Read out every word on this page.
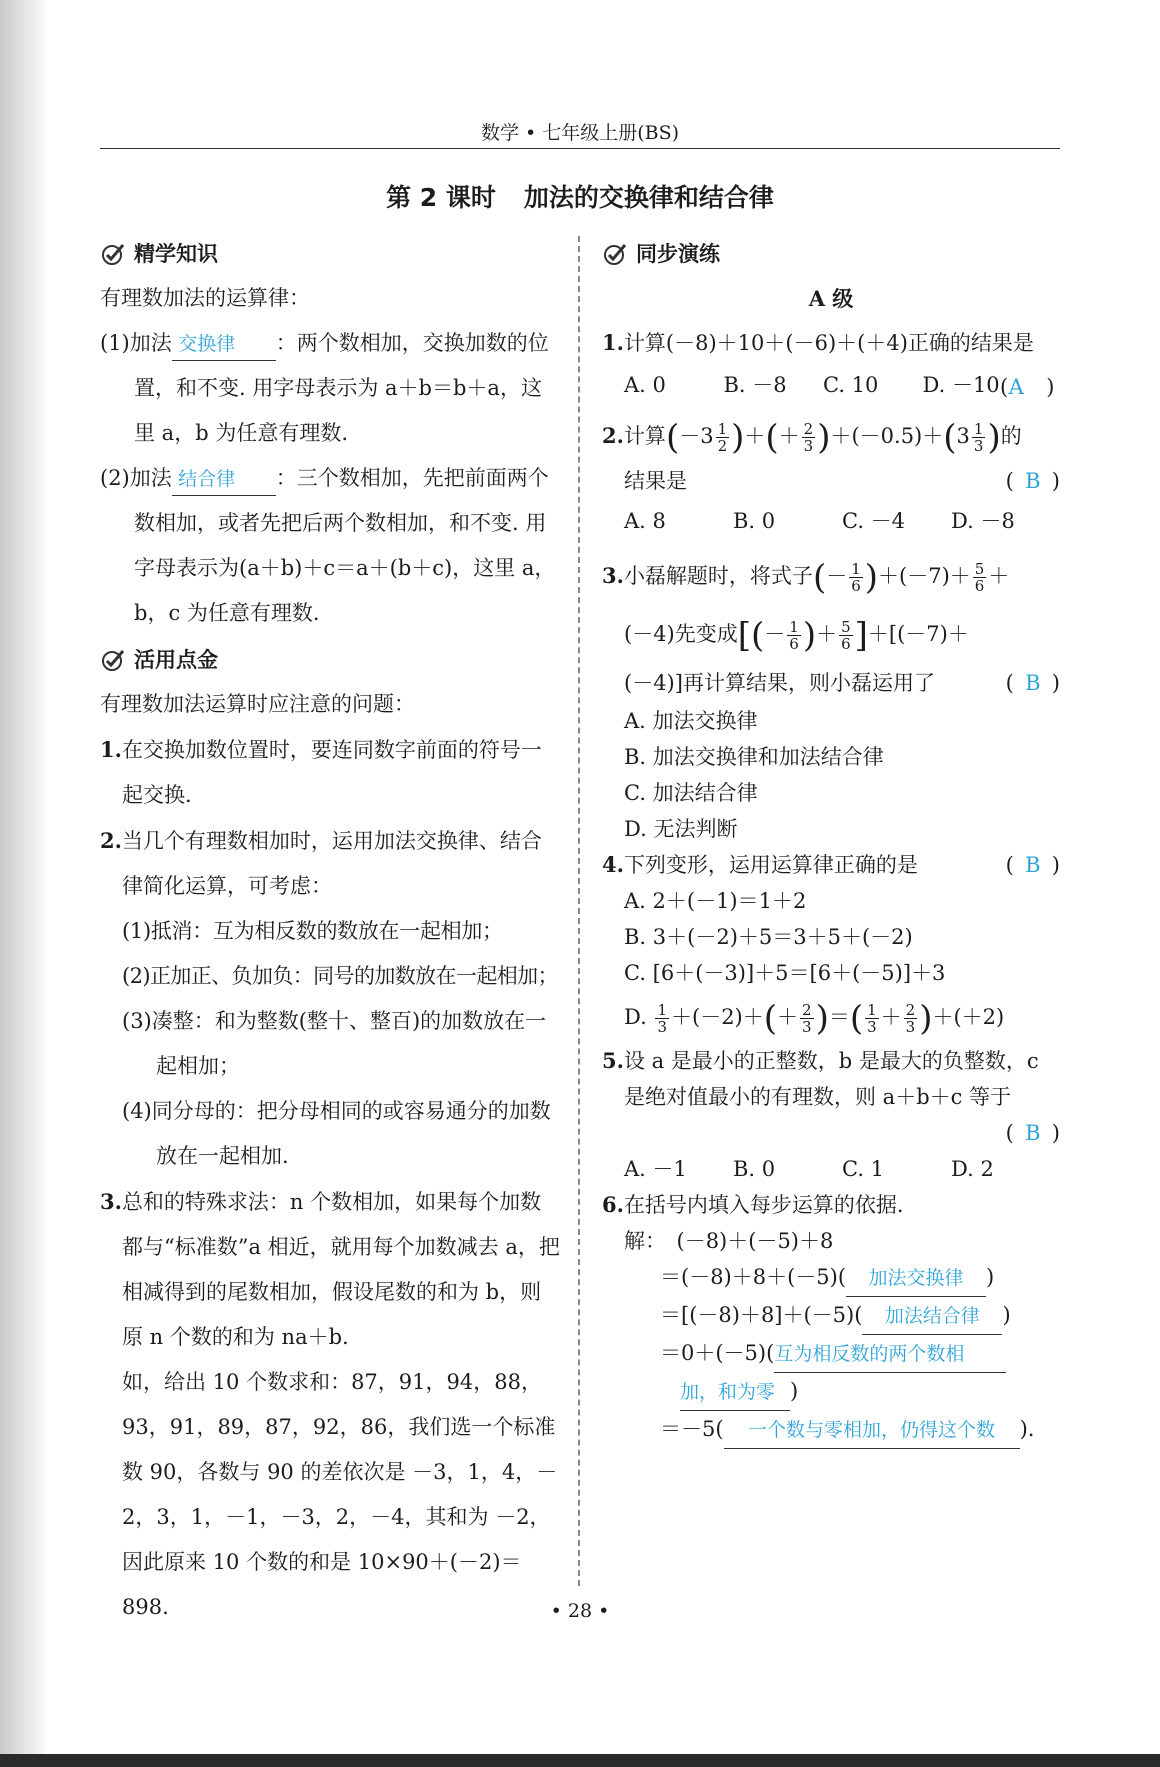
数学 • 七年级上册(BS)
第 2 课时 加法的交换律和结合律
精学知识

有理数加法的运算律：

(1)加法 交换律 ：两个数相加，交换加数的位置，和不变. 用字母表示为 a＋b＝b＋a，这里 a，b 为任意有理数.

(2)加法 结合律 ：三个数相加，先把前面两个数相加，或者先把后两个数相加，和不变. 用字母表示为(a＋b)＋c＝a＋(b＋c)，这里 a，b，c 为任意有理数.

活用点金

有理数加法运算时应注意的问题：

1.在交换加数位置时，要连同数字前面的符号一起交换.

2.当几个有理数相加时，运用加法交换律、结合律简化运算，可考虑：

(1)抵消：互为相反数的数放在一起相加；

(2)正加正、负加负：同号的加数放在一起相加；

(3)凑整：和为整数(整十、整百)的加数放在一起相加；

(4)同分母的：把分母相同的或容易通分的加数放在一起相加.

3.总和的特殊求法：n 个数相加，如果每个加数都与“标准数”a 相近，就用每个加数减去 a，把相减得到的尾数相加，假设尾数的和为 b，则原 n 个数的和为 na＋b.

如，给出 10 个数求和：87，91，94，88，93，91，89，87，92，86，我们选一个标准数 90，各数与 90 的差依次是 －3，1，4，－2，3，1，－1，－3，2，－4，其和为 －2，因此原来 10 个数的和是 10×90＋(－2)＝898.

同步演练

A 级

1.计算(－8)＋10＋(－6)＋(＋4)正确的结果是
(A )

A. 0	B. －8	C. 10	D. －10

2.计算($-3 \frac{1}{2}$ )＋(＋ $\frac{2}{3} )+(-0.5)+(3 \frac{1}{3}$ )的

结果是	( B )

A. 8	B. 0	C. －4	D. －8

3.小磊解题时，将式子(－ $\frac{1}{6} )+(-7)+ \frac{5}{6}$ ＋

(－4)先变成[(－ $\frac{1}{6}$ )＋ $\frac{5}{6} ]+[(-7)+$

(－4)]再计算结果，则小磊运用了	( B )

A. 加法交换律

B. 加法交换律和加法结合律

C. 加法结合律

D. 无法判断

4.下列变形，运用运算律正确的是	( B )

A. 2＋(－1)＝1＋2

B. 3＋(－2)＋5＝3＋5＋(－2)

C. [6＋(－3)]＋5＝[6＋(－5)]＋3

D. $\frac{1}{3} +(-2)+(+ \frac{2}{3}$ )＝( $\frac{1}{3} + \frac{2}{3} )+(+2)$

5.设 a 是最小的正整数，b 是最大的负整数，c 是绝对值最小的有理数，则 a＋b＋c 等于

( B )

A. －1	B. 0	C. 1	D. 2

6.在括号内填入每步运算的依据.

解：　(－8)＋(－5)＋8

＝(－8)＋8＋(－5)( 加法交换律 )

＝[(－8)＋8]＋(－5)( 加法结合律 )

＝0＋(－5)(互为相反数的两个数相

加，和为零 )

＝－5( 一个数与零相加，仍得这个数 ).

• 28 •
